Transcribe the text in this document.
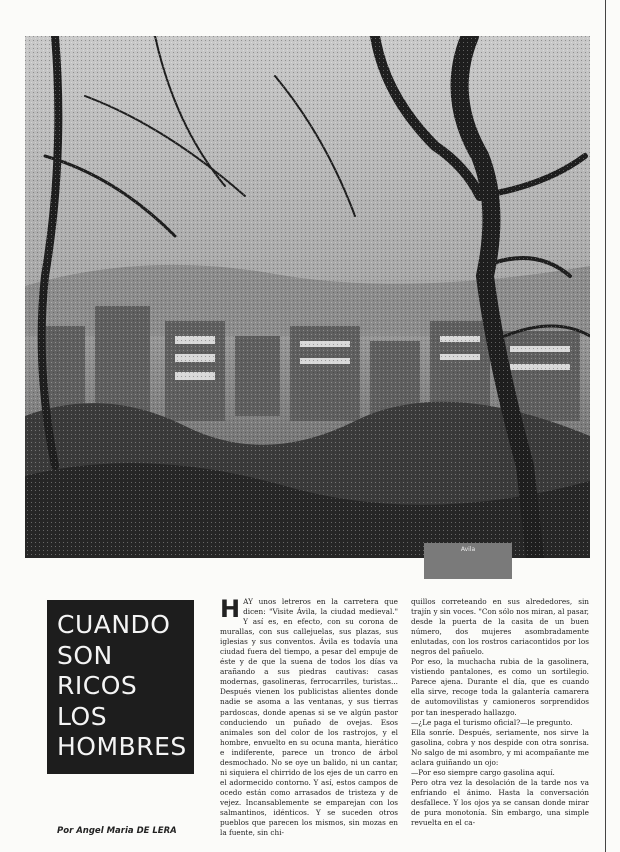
Avila
CUANDO
SON
RICOS
LOS
HOMBRES
Por Angel Maria DE LERA

H AY unos letreros en la carretera que dicen: "Visite Ávila, la ciudad medieval." Y así es, en efecto, con su corona de murallas, con sus callejuelas, sus plazas, sus iglesias y sus conventos. Ávila es todavía una ciudad fuera del tiempo, a pesar del empuje de éste y de que la suena de todos los días va arañando a sus piedras cautivas: casas modernas, gasolineras, ferrocarriles, turistas... Después vienen los publicistas alientes donde nadie se asoma a las ventanas, y sus tierras pardoscas, donde apenas si se ve algún pastor conduciendo un puñado de ovejas. Esos animales son del color de los rastrojos, y el hombre, envuelto en su ocuna manta, hierático e indiferente, parece un tronco de árbol desmochado. No se oye un balido, ni un cantar, ni siquiera el chirrido de los ejes de un carro en el adormecido contorno. Y así, estos campos de ocedo están como arrasados de tristeza y de vejez. Incansablemente se emparejan con los salmantinos, idénticos. Y se suceden otros pueblos que parecen los mismos, sin mozas en la fuente, sin chi-

quillos correteando en sus alrededores, sin trajín y sin voces. "Con sólo nos miran, al pasar, desde la puerta de la casita de un buen número, dos mujeres asombradamente enlutadas, con los rostros cariacontidos por los negros del pañuelo.

Por eso, la muchacha rubia de la gasolinera, vistiendo pantalones, es como un sortilegio. Parece ajena. Durante el día, que es cuando ella sirve, recoge toda la galantería camarera de automovilistas y camioneros sorprendidos por tan inesperado hallazgo.

—¿Le paga el turismo oficial?—le pregunto.

Ella sonríe. Después, seriamente, nos sirve la gasolina, cobra y nos despide con otra sonrisa. No salgo de mi asombro, y mi acompañante me aclara guiñando un ojo:

—Por eso siempre cargo gasolina aquí.

Pero otra vez la desolación de la tarde nos va enfriando el ánimo. Hasta la conversación desfallece. Y los ojos ya se cansan donde mirar de pura monotonía. Sin embargo, una simple revuelta en el ca-
